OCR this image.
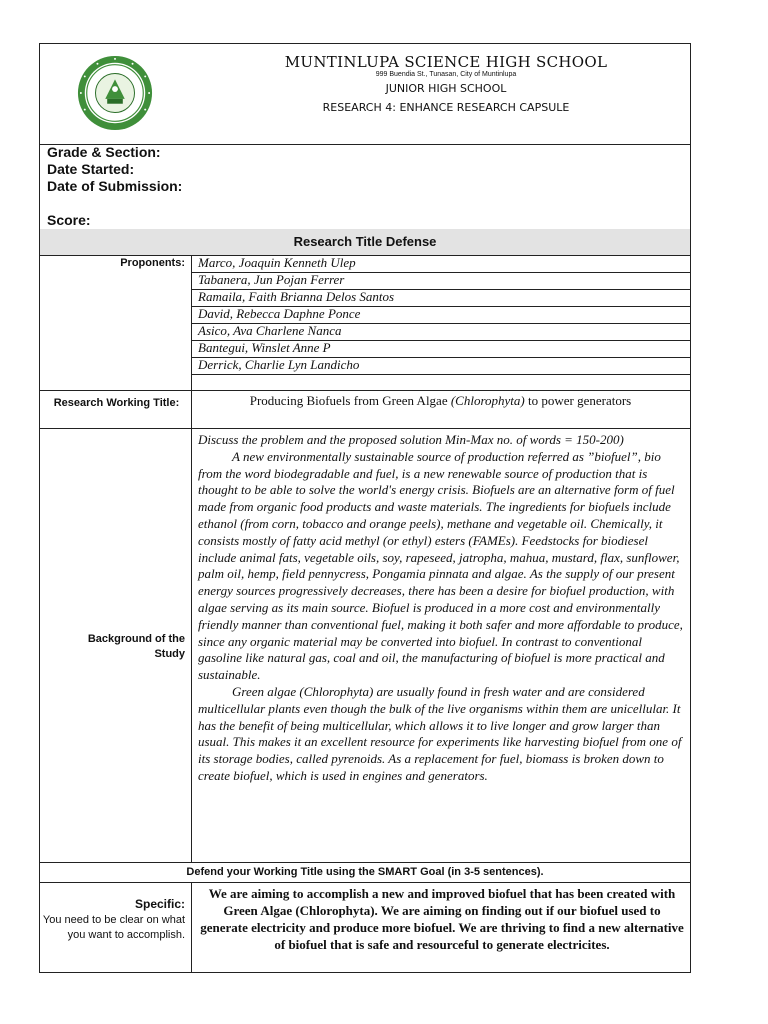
MUNTINLUPA SCIENCE HIGH SCHOOL
999 Buendia St., Tunasan, City of Muntinlupa
JUNIOR HIGH SCHOOL
RESEARCH 4: ENHANCE RESEARCH CAPSULE
Grade & Section:
Date Started:
Date of Submission:
Score:
Research Title Defense
Proponents: Marco, Joaquin Kenneth Ulep
Tabanera, Jun Pojan Ferrer
Ramaila, Faith Brianna Delos Santos
David, Rebecca Daphne Ponce
Asico, Ava Charlene Nanca
Bantegui, Winslet Anne P
Derrick, Charlie Lyn Landicho
Research Working Title:	Producing Biofuels from Green Algae (Chlorophyta) to power generators
Background of the Study

Discuss the problem and the proposed solution Min-Max no. of words = 150-200)

A new environmentally sustainable source of production referred as ”biofuel”, bio from the word biodegradable and fuel, is a new renewable source of production that is thought to be able to solve the world's energy crisis. Biofuels are an alternative form of fuel made from organic food products and waste materials. The ingredients for biofuels include ethanol (from corn, tobacco and orange peels), methane and vegetable oil. Chemically, it consists mostly of fatty acid methyl (or ethyl) esters (FAMEs). Feedstocks for biodiesel include animal fats, vegetable oils, soy, rapeseed, jatropha, mahua, mustard, flax, sunflower, palm oil, hemp, field pennycress, Pongamia pinnata and algae. As the supply of our present energy sources progressively decreases, there has been a desire for biofuel production, with algae serving as its main source. Biofuel is produced in a more cost and environmentally friendly manner than conventional fuel, making it both safer and more affordable to produce, since any organic material may be converted into biofuel. In contrast to conventional gasoline like natural gas, coal and oil, the manufacturing of biofuel is more practical and sustainable.

Green algae (Chlorophyta) are usually found in fresh water and are considered multicellular plants even though the bulk of the live organisms within them are unicellular. It has the benefit of being multicellular, which allows it to live longer and grow larger than usual. This makes it an excellent resource for experiments like harvesting biofuel from one of its storage bodies, called pyrenoids. As a replacement for fuel, biomass is broken down to create biofuel, which is used in engines and generators.

Defend your Working Title using the SMART Goal (in 3-5 sentences).
Specific:
You need to be clear on what you want to accomplish.
We are aiming to accomplish a new and improved biofuel that has been created with Green Algae (Chlorophyta). We are aiming on finding out if our biofuel used to generate electricity and produce more biofuel. We are thriving to find a new alternative of biofuel that is safe and resourceful to generate electricites.
